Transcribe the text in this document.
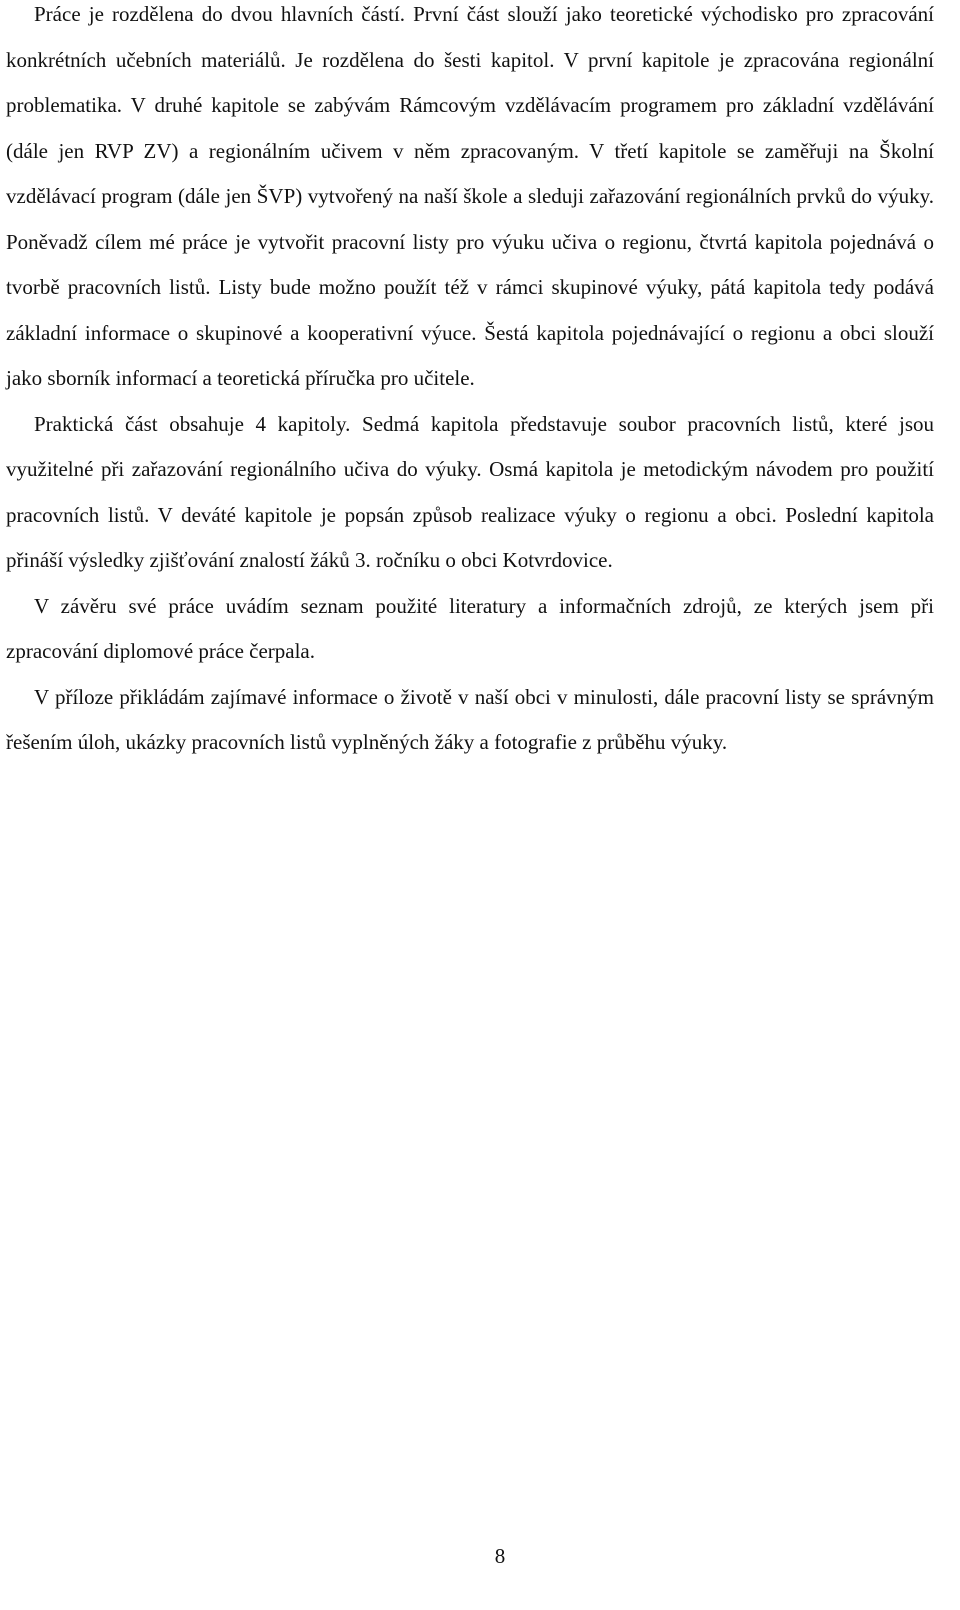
Práce je rozdělena do dvou hlavních částí. První část slouží jako teoretické východisko pro zpracování konkrétních učebních materiálů. Je rozdělena do šesti kapitol. V první kapitole je zpracována regionální problematika. V druhé kapitole se zabývám Rámcovým vzdělávacím programem pro základní vzdělávání (dále jen RVP ZV) a regionálním učivem v něm zpracovaným. V třetí kapitole se zaměřuji na Školní vzdělávací program (dále jen ŠVP) vytvořený na naší škole a sleduji zařazování regionálních prvků do výuky. Poněvadž cílem mé práce je vytvořit pracovní listy pro výuku učiva o regionu, čtvrtá kapitola pojednává o tvorbě pracovních listů. Listy bude možno použít též v rámci skupinové výuky, pátá kapitola tedy podává základní informace o skupinové a kooperativní výuce. Šestá kapitola pojednávající o regionu a obci slouží jako sborník informací a teoretická příručka pro učitele.

Praktická část obsahuje 4 kapitoly. Sedmá kapitola představuje soubor pracovních listů, které jsou využitelné při zařazování regionálního učiva do výuky. Osmá kapitola je metodickým návodem pro použití pracovních listů. V deváté kapitole je popsán způsob realizace výuky o regionu a obci. Poslední kapitola přináší výsledky zjišťování znalostí žáků 3. ročníku o obci Kotvrdovice.

V závěru své práce uvádím seznam použité literatury a informačních zdrojů, ze kterých jsem při zpracování diplomové práce čerpala.

V příloze přikládám zajímavé informace o životě v naší obci v minulosti, dále pracovní listy se správným řešením úloh, ukázky pracovních listů vyplněných žáky a fotografie z průběhu výuky.

8
